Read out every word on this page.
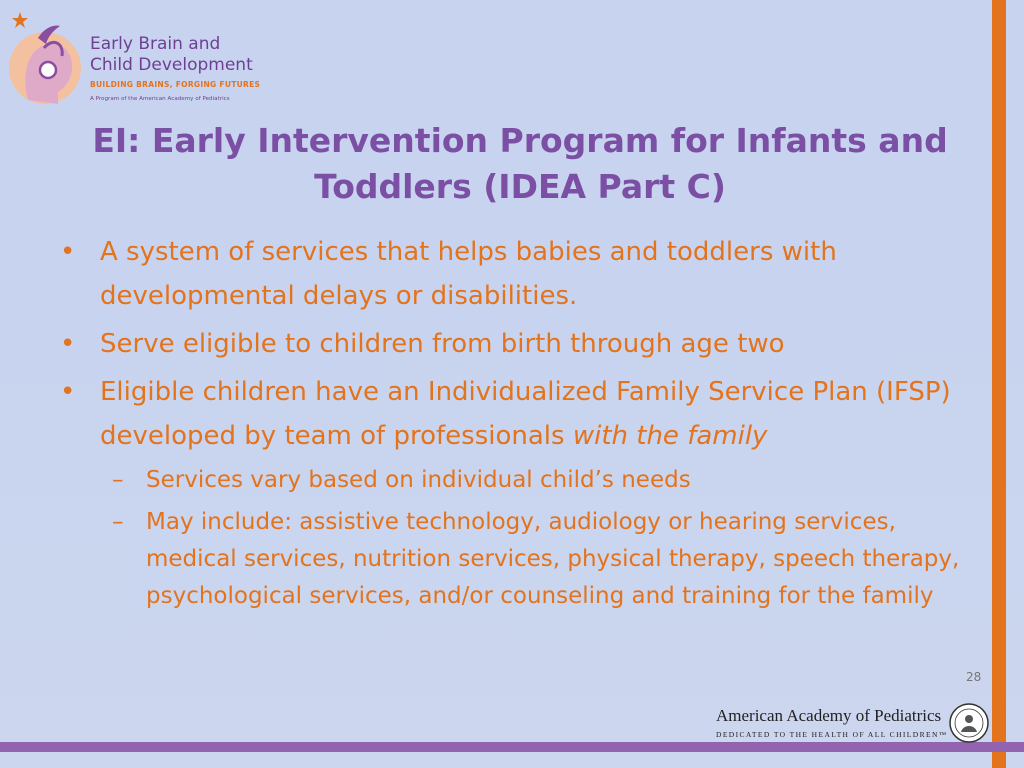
Early Brain and
Child Development
BUILDING BRAINS, FORGING FUTURES
A Program of the American Academy of Pediatrics
EI: Early Intervention Program for Infants and Toddlers (IDEA Part C)
• A system of services that helps babies and toddlers with developmental delays or disabilities.
• Serve eligible to children from birth through age two
• Eligible children have an Individualized Family Service Plan (IFSP) developed by team of professionals with the family
– Services vary based on individual child’s needs
– May include: assistive technology, audiology or hearing services, medical services, nutrition services, physical therapy, speech therapy, psychological services, and/or counseling and training for the family
28
American Academy of Pediatrics
DEDICATED TO THE HEALTH OF ALL CHILDREN™
